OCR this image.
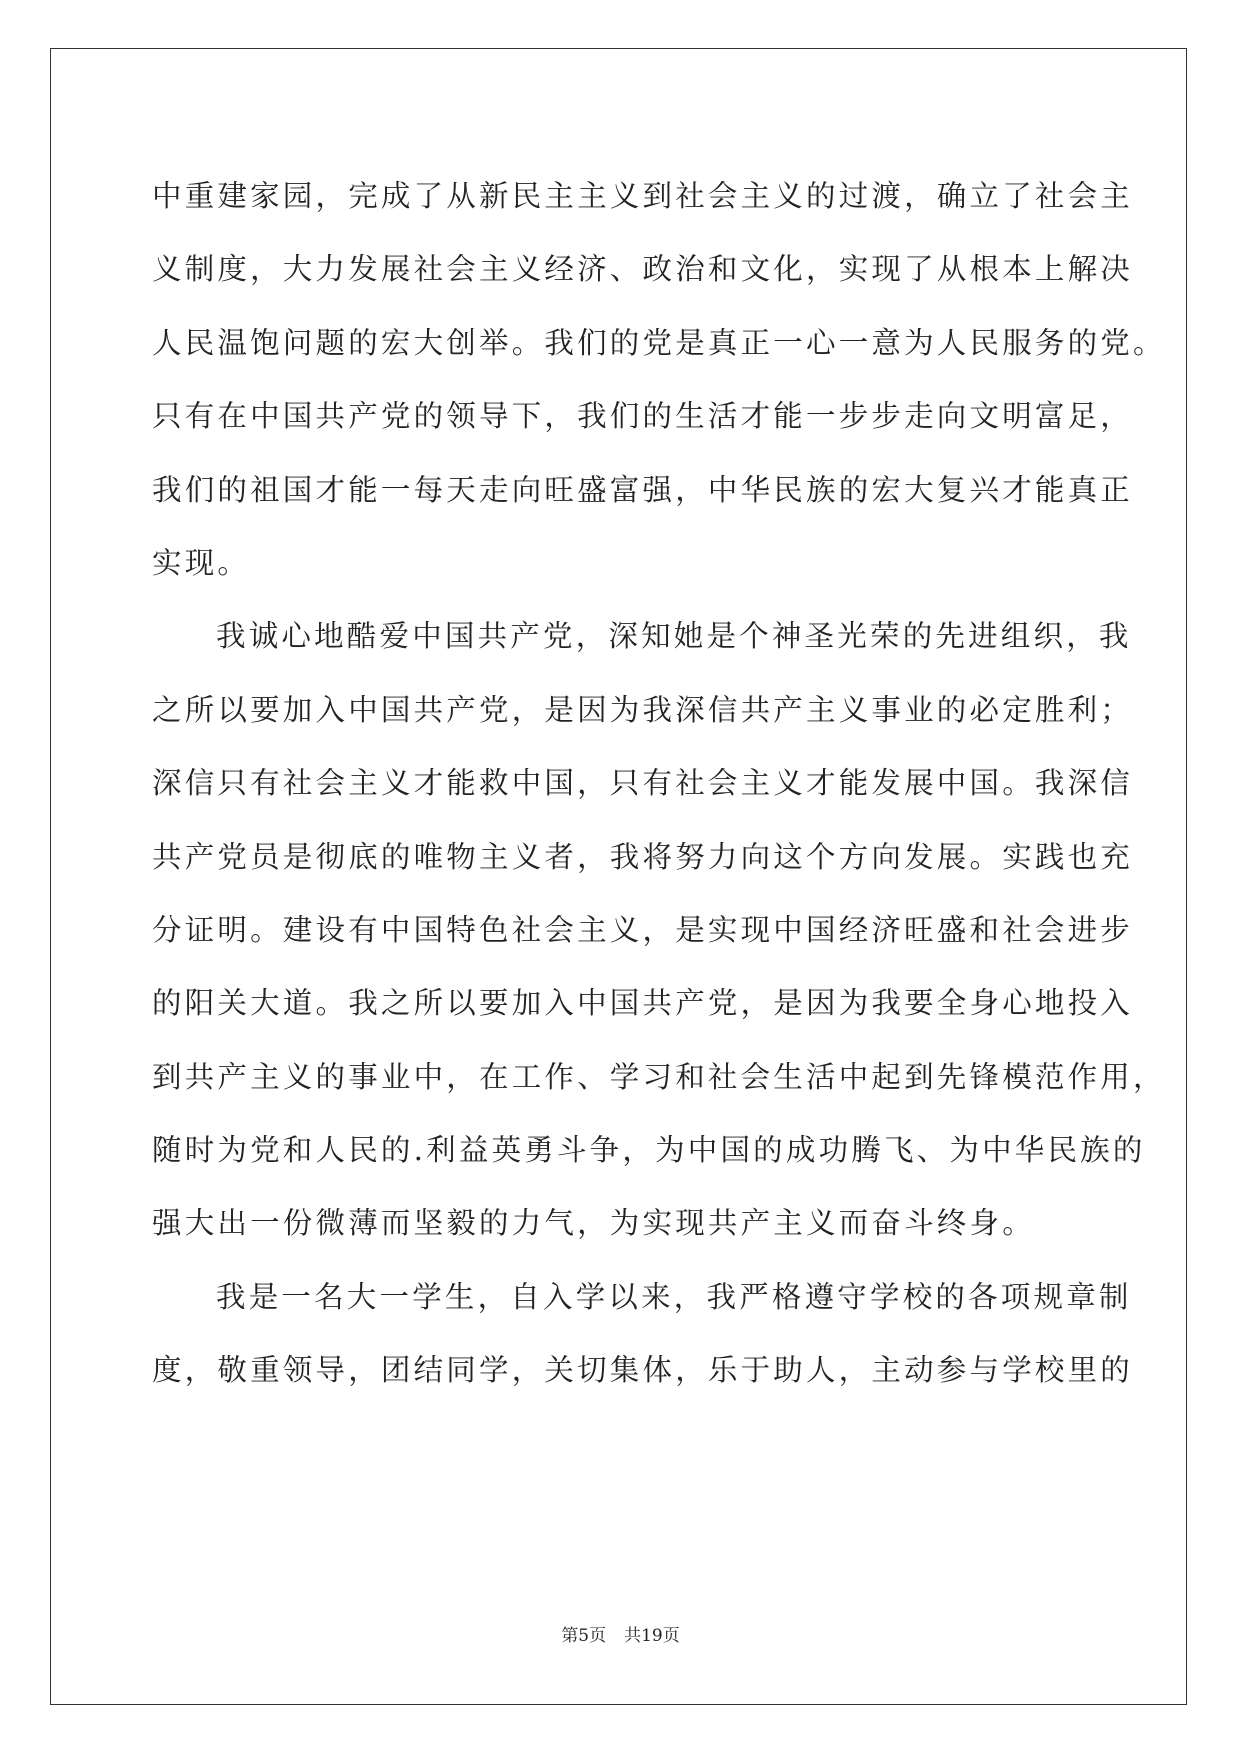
中重建家园，完成了从新民主主义到社会主义的过渡，确立了社会主
义制度，大力发展社会主义经济、政治和文化，实现了从根本上解决
人民温饱问题的宏大创举。我们的党是真正一心一意为人民服务的党。
只有在中国共产党的领导下，我们的生活才能一步步走向文明富足，
我们的祖国才能一每天走向旺盛富强，中华民族的宏大复兴才能真正
实现。
我诚心地酷爱中国共产党，深知她是个神圣光荣的先进组织，我
之所以要加入中国共产党，是因为我深信共产主义事业的必定胜利；
深信只有社会主义才能救中国，只有社会主义才能发展中国。我深信
共产党员是彻底的唯物主义者，我将努力向这个方向发展。实践也充
分证明。建设有中国特色社会主义，是实现中国经济旺盛和社会进步
的阳关大道。我之所以要加入中国共产党，是因为我要全身心地投入
到共产主义的事业中，在工作、学习和社会生活中起到先锋模范作用，
随时为党和人民的.利益英勇斗争，为中国的成功腾飞、为中华民族的
强大出一份微薄而坚毅的力气，为实现共产主义而奋斗终身。
我是一名大一学生，自入学以来，我严格遵守学校的各项规章制
度，敬重领导，团结同学，关切集体，乐于助人，主动参与学校里的
第5页 共19页
